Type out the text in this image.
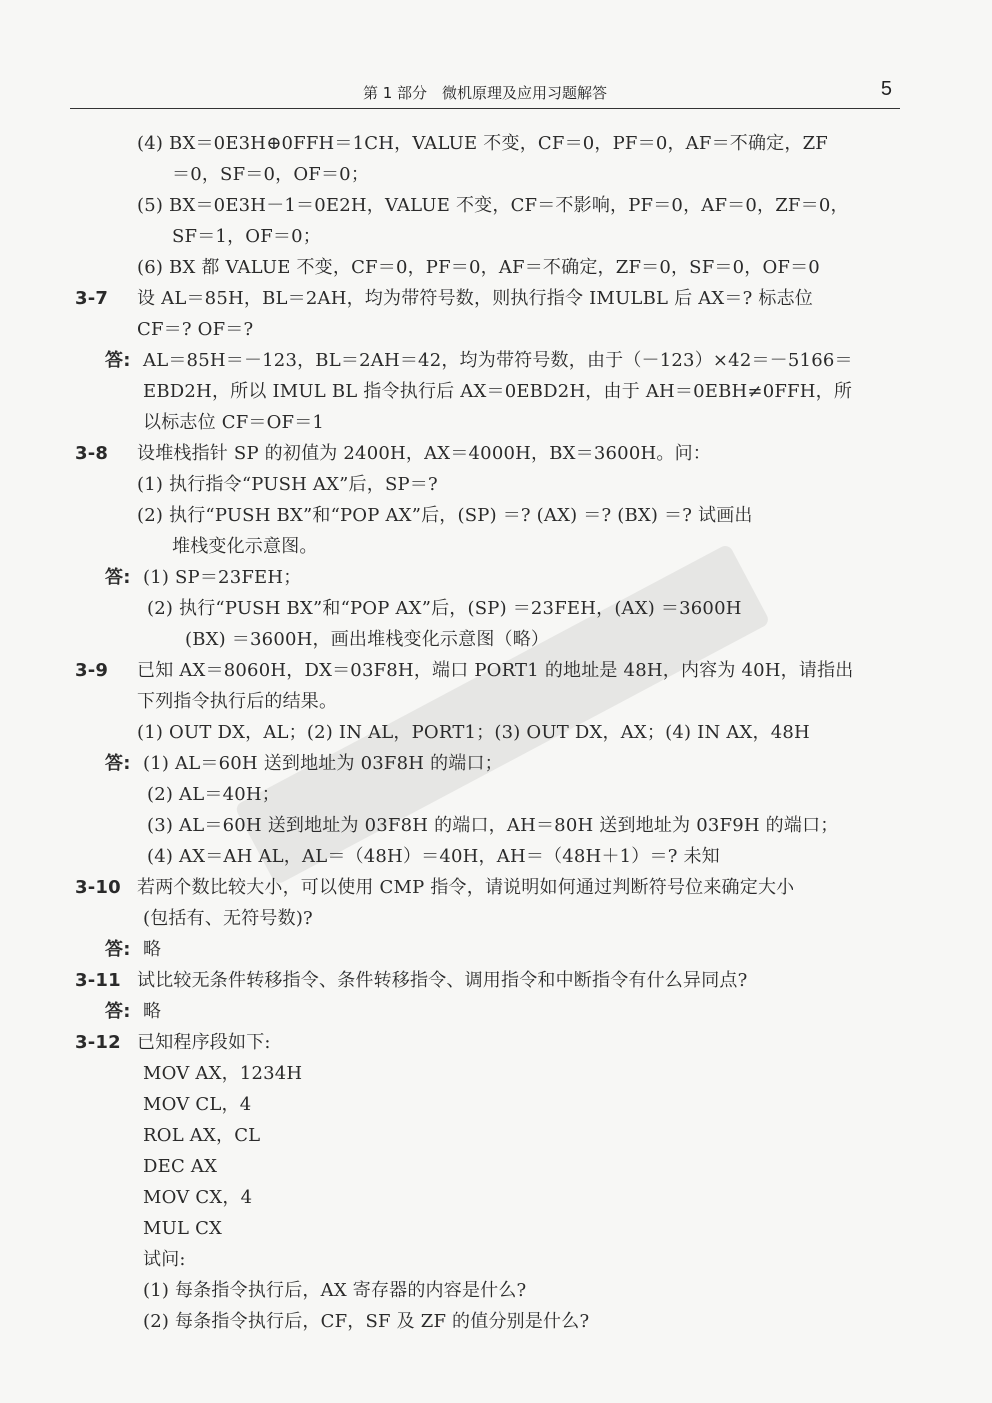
第 1 部分　微机原理及应用习题解答	5
(4) BX＝0E3H⊕0FFH＝1CH，VALUE 不变，CF＝0，PF＝0，AF＝不确定，ZF
＝0，SF＝0，OF＝0；
(5) BX＝0E3H－1＝0E2H，VALUE 不变，CF＝不影响，PF＝0，AF＝0，ZF＝0，
SF＝1，OF＝0；
(6) BX 都 VALUE 不变，CF＝0，PF＝0，AF＝不确定，ZF＝0，SF＝0，OF＝0
3-7 设 AL＝85H，BL＝2AH，均为带符号数，则执行指令 IMULBL 后 AX＝? 标志位
CF＝? OF＝?
答: AL＝85H＝－123，BL＝2AH＝42，均为带符号数，由于（－123）×42＝－5166＝
EBD2H，所以 IMUL BL 指令执行后 AX＝0EBD2H，由于 AH＝0EBH≠0FFH，所
以标志位 CF＝OF＝1
3-8 设堆栈指针 SP 的初值为 2400H，AX＝4000H，BX＝3600H。问：
(1) 执行指令“PUSH AX”后，SP＝?
(2) 执行“PUSH BX”和“POP AX”后，(SP) ＝? (AX) ＝? (BX) ＝? 试画出
堆栈变化示意图。
答: (1) SP＝23FEH；
(2) 执行“PUSH BX”和“POP AX”后，(SP) ＝23FEH，(AX) ＝3600H
(BX) ＝3600H，画出堆栈变化示意图（略）
3-9 已知 AX＝8060H，DX＝03F8H，端口 PORT1 的地址是 48H，内容为 40H，请指出
下列指令执行后的结果。
(1) OUT DX，AL；(2) IN AL，PORT1；(3) OUT DX，AX；(4) IN AX，48H
答: (1) AL＝60H 送到地址为 03F8H 的端口；
(2) AL＝40H；
(3) AL＝60H 送到地址为 03F8H 的端口，AH＝80H 送到地址为 03F9H 的端口；
(4) AX＝AH AL，AL＝（48H）＝40H，AH＝（48H＋1）＝? 未知
3-10 若两个数比较大小，可以使用 CMP 指令，请说明如何通过判断符号位来确定大小
(包括有、无符号数)?
答: 略
3-11 试比较无条件转移指令、条件转移指令、调用指令和中断指令有什么异同点?
答: 略
3-12 已知程序段如下:
MOV AX，1234H
MOV CL，4
ROL AX，CL
DEC AX
MOV CX，4
MUL CX
试问:
(1) 每条指令执行后，AX 寄存器的内容是什么?
(2) 每条指令执行后，CF，SF 及 ZF 的值分别是什么?
